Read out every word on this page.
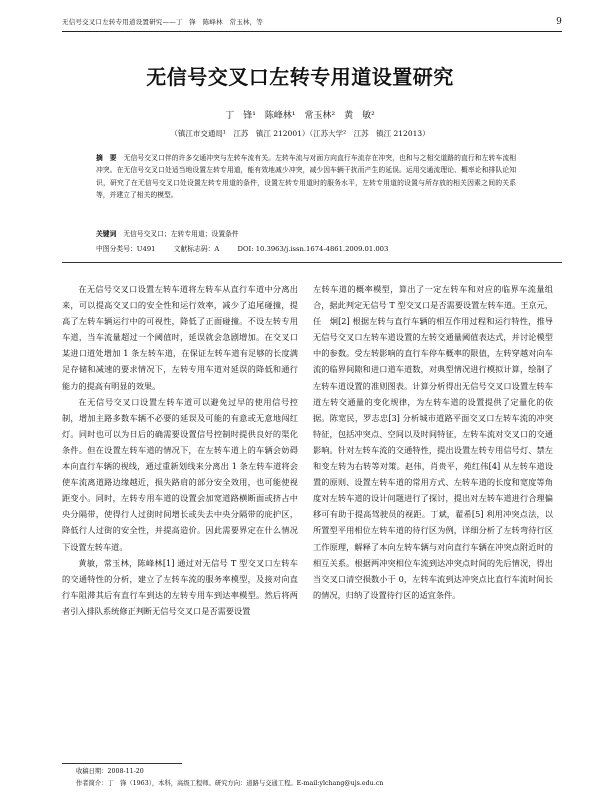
无信号交叉口左转专用道设置研究——丁　锋　陈峰林　常玉林，等	9
无信号交叉口左转专用道设置研究
丁　锋¹　陈峰林¹　常玉林²　黄　敏²
（镇江市交通局¹　江苏　镇江 212001）（江苏大学²　江苏　镇江 212013）
摘　要　 无信号交叉口伴的许多交通冲突与左转车流有关。左转车流与对面方向直行车流存在冲突，也和与之相交道路的直行和左转车流相冲突。在无信号交叉口处适当地设置左转专用道，能有效地减少冲突，减少因车辆干扰而产生的延误。运用交通流理论、概率论和排队论知识，研究了在无信号交叉口处设置左转专用道的条件，设置左转专用道时的服务水平，左转专用道的设置与所存放的相关因素之间的关系等，并建立了相关的模型。
关键词　 无信号交叉口；左转专用道；设置条件
中图分类号：U491	文献标志码：A	DOI: 10.3963/j.issn.1674-4861.2009.01.003

在无信号交叉口设置左转车道将左转车从直行车道中分离出来，可以提高交叉口的安全性和运行效率，减少了追尾碰撞，提高了左转车辆运行中的可视性，降低了正面碰撞。不设左转专用车道，当车流量超过一个阈值时，延误就会急剧增加。在交叉口某进口道处增加 1 条左转车道，在保证左转车道有足够的长度满足存储和减速的要求情况下，左转专用车道对延误的降低和通行能力的提高有明显的效果。

在无信号交叉口设置左转车道可以避免过早的使用信号控制，增加主路多数车辆不必要的延误及可能的有意或无意地闯红灯。同时也可以为日后的确需要设置信号控制时提供良好的渠化条件。但在设置左转车道的情况下，在左转车道上的车辆会妨碍本向直行车辆的视线，通过重新划线来分离出 1 条左转车道将会使车流离道路边缘越近，损失路肩的部分安全效用，也可能使视距变小。同时，左转专用车道的设置会加宽道路横断面或挤占中央分隔带，使得行人过街时间增长或失去中央分隔带的庇护区，降低行人过街的安全性，并提高造价。因此需要界定在什么情况下设置左转车道。

黄敏，常玉林，陈峰林[1] 通过对无信号 T 型交叉口左转车的交通特性的分析，建立了左转车流的服务率模型，及接对向直行车阻滞其后有直行车到达的左转专用车到达率模型。然后将两者引入排队系统修正判断无信号交叉口是否需要设置

左转车道的概率模型，算出了一定左转车和对应的临界车流量组合，据此判定无信号 T 型交叉口是否需要设置左转车道。王京元，任　炯[2] 根据左转与直行车辆的相互作用过程和运行特性，推导无信号交叉口左转车道设置的左转交通量阈值表达式，并讨论模型中的参数。受左转影响的直行车停车概率的限值，左转穿越对向车流的临界间隙和进口道车道数，对典型情况进行模拟计算，绘制了左转车道设置的准则图表。计算分析得出无信号交叉口设置左转车道左转交通量的变化规律，为左转车道的设置提供了定量化的依据。陈宽民，罗志忠[3] 分析城市道路平面交叉口左转车流的冲突特征，包括冲突点、空间以及时间特征，左转车流对交叉口的交通影响。针对左转车流的交通特性，提出设置左转专用信号灯、禁左和变左转为右转等对策。赵伟，肖贵平，苑红伟[4] 从左转车道设置的原则、设置左转车道的常用方式、左转车道的长度和宽度等角度对左转车道的设计问题进行了探讨，提出对左转车道进行合理偏移可有助于提高驾驶员的视距。丁斌，翟希[5] 利用冲突点法，以所置型平用相位左转车道的待行区为例，详细分析了左转弯待行区工作原理，解释了本向左转车辆与对向直行车辆在冲突点附近时的相互关系。根据两冲突相位车流到达冲突点时间的先后情况，得出当交叉口清空损数小于 0，左转车流到达冲突点比直行车流时间长的情况，归纳了设置待行区的适宜条件。

收稿日期：2008-11-20
作者简介：丁　锋（1963），本科，高级工程师。研究方向：道路与交通工程。E-mail:ylchang@ujs.edu.cn
